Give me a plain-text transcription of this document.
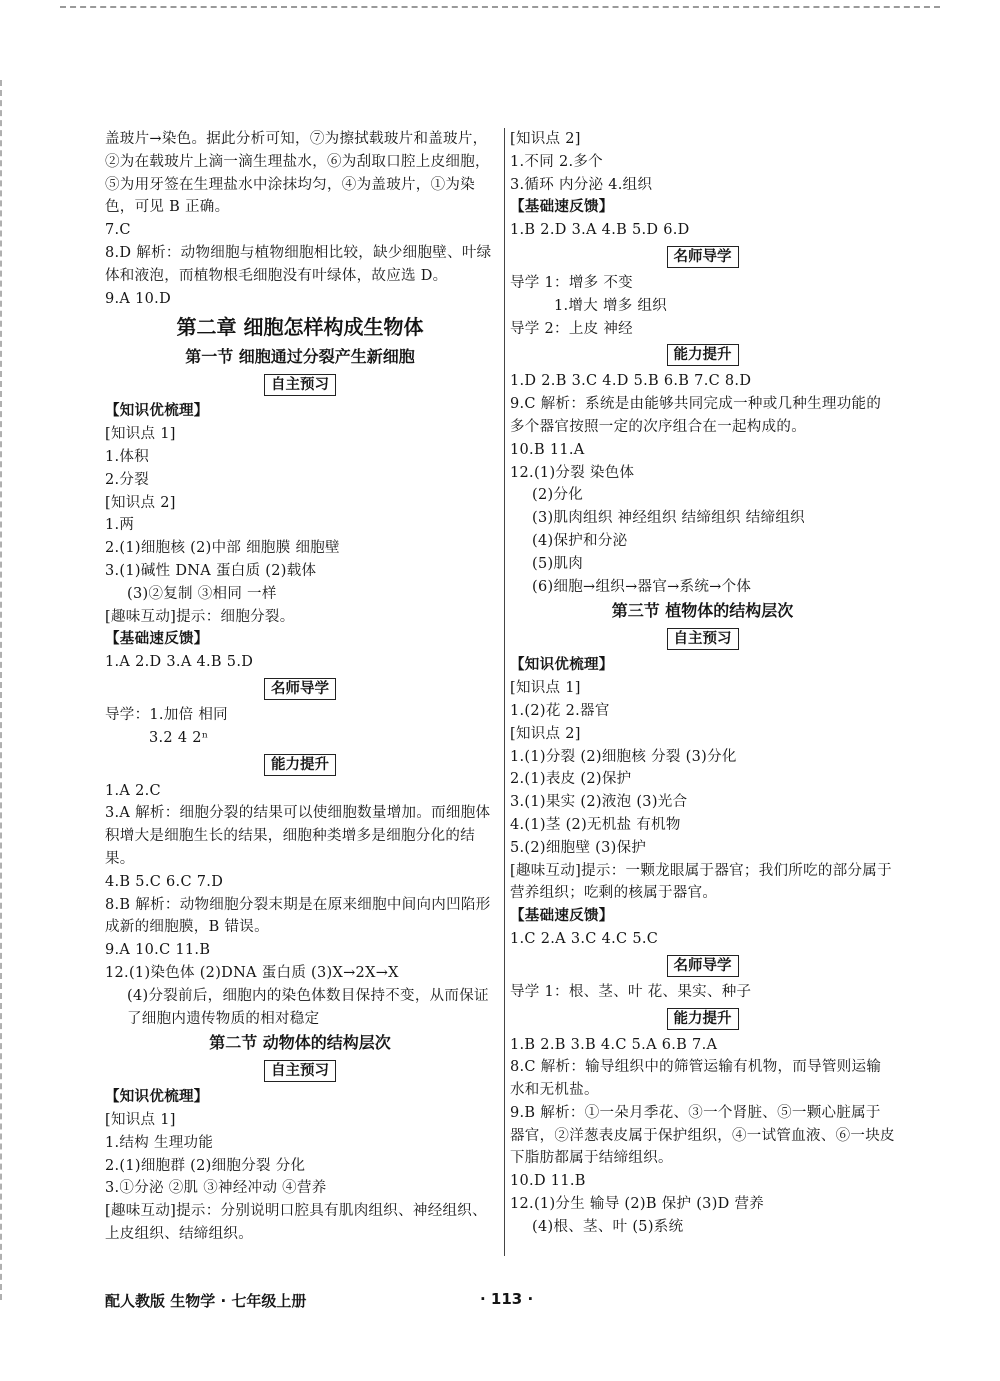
盖玻片→染色。据此分析可知，⑦为擦拭载玻片和盖玻片，②为在载玻片上滴一滴生理盐水，⑥为刮取口腔上皮细胞，⑤为用牙签在生理盐水中涂抹均匀，④为盖玻片，①为染色，可见 B 正确。
7.C
8.D 解析：动物细胞与植物细胞相比较，缺少细胞壁、叶绿体和液泡，而植物根毛细胞没有叶绿体，故应选 D。
9.A 10.D
第二章 细胞怎样构成生物体
第一节 细胞通过分裂产生新细胞
自主预习
【知识优梳理】
[知识点 1]
1.体积
2.分裂
[知识点 2]
1.两
2.(1)细胞核 (2)中部 细胞膜 细胞壁
3.(1)碱性 DNA 蛋白质 (2)载体
(3)②复制 ③相同 一样
[趣味互动]提示：细胞分裂。
【基础速反馈】
1.A 2.D 3.A 4.B 5.D
名师导学
导学：1.加倍 相同
3.2 4 2ⁿ
能力提升
1.A 2.C
3.A 解析：细胞分裂的结果可以使细胞数量增加。而细胞体积增大是细胞生长的结果，细胞种类增多是细胞分化的结果。
4.B 5.C 6.C 7.D
8.B 解析：动物细胞分裂末期是在原来细胞中间向内凹陷形成新的细胞膜，B 错误。
9.A 10.C 11.B
12.(1)染色体 (2)DNA 蛋白质 (3)X→2X→X
(4)分裂前后，细胞内的染色体数目保持不变，从而保证了细胞内遗传物质的相对稳定
第二节 动物体的结构层次
自主预习
【知识优梳理】
[知识点 1]
1.结构 生理功能
2.(1)细胞群 (2)细胞分裂 分化
3.①分泌 ②肌 ③神经冲动 ④营养
[趣味互动]提示：分别说明口腔具有肌肉组织、神经组织、上皮组织、结缔组织。
[知识点 2]
1.不同 2.多个
3.循环 内分泌 4.组织
【基础速反馈】
1.B 2.D 3.A 4.B 5.D 6.D
名师导学
导学 1：增多 不变
1.增大 增多 组织
导学 2：上皮 神经
能力提升
1.D 2.B 3.C 4.D 5.B 6.B 7.C 8.D
9.C 解析：系统是由能够共同完成一种或几种生理功能的多个器官按照一定的次序组合在一起构成的。
10.B 11.A
12.(1)分裂 染色体
(2)分化
(3)肌肉组织 神经组织 结缔组织 结缔组织
(4)保护和分泌
(5)肌肉
(6)细胞→组织→器官→系统→个体
第三节 植物体的结构层次
自主预习
【知识优梳理】
[知识点 1]
1.(2)花 2.器官
[知识点 2]
1.(1)分裂 (2)细胞核 分裂 (3)分化
2.(1)表皮 (2)保护
3.(1)果实 (2)液泡 (3)光合
4.(1)茎 (2)无机盐 有机物
5.(2)细胞壁 (3)保护
[趣味互动]提示：一颗龙眼属于器官；我们所吃的部分属于营养组织；吃剩的核属于器官。
【基础速反馈】
1.C 2.A 3.C 4.C 5.C
名师导学
导学 1：根、茎、叶 花、果实、种子
能力提升
1.B 2.B 3.B 4.C 5.A 6.B 7.A
8.C 解析：输导组织中的筛管运输有机物，而导管则运输水和无机盐。
9.B 解析：①一朵月季花、③一个肾脏、⑤一颗心脏属于器官，②洋葱表皮属于保护组织，④一试管血液、⑥一块皮下脂肪都属于结缔组织。
10.D 11.B
12.(1)分生 输导 (2)B 保护 (3)D 营养
(4)根、茎、叶 (5)系统
配人教版 生物学 · 七年级上册	· 113 ·
